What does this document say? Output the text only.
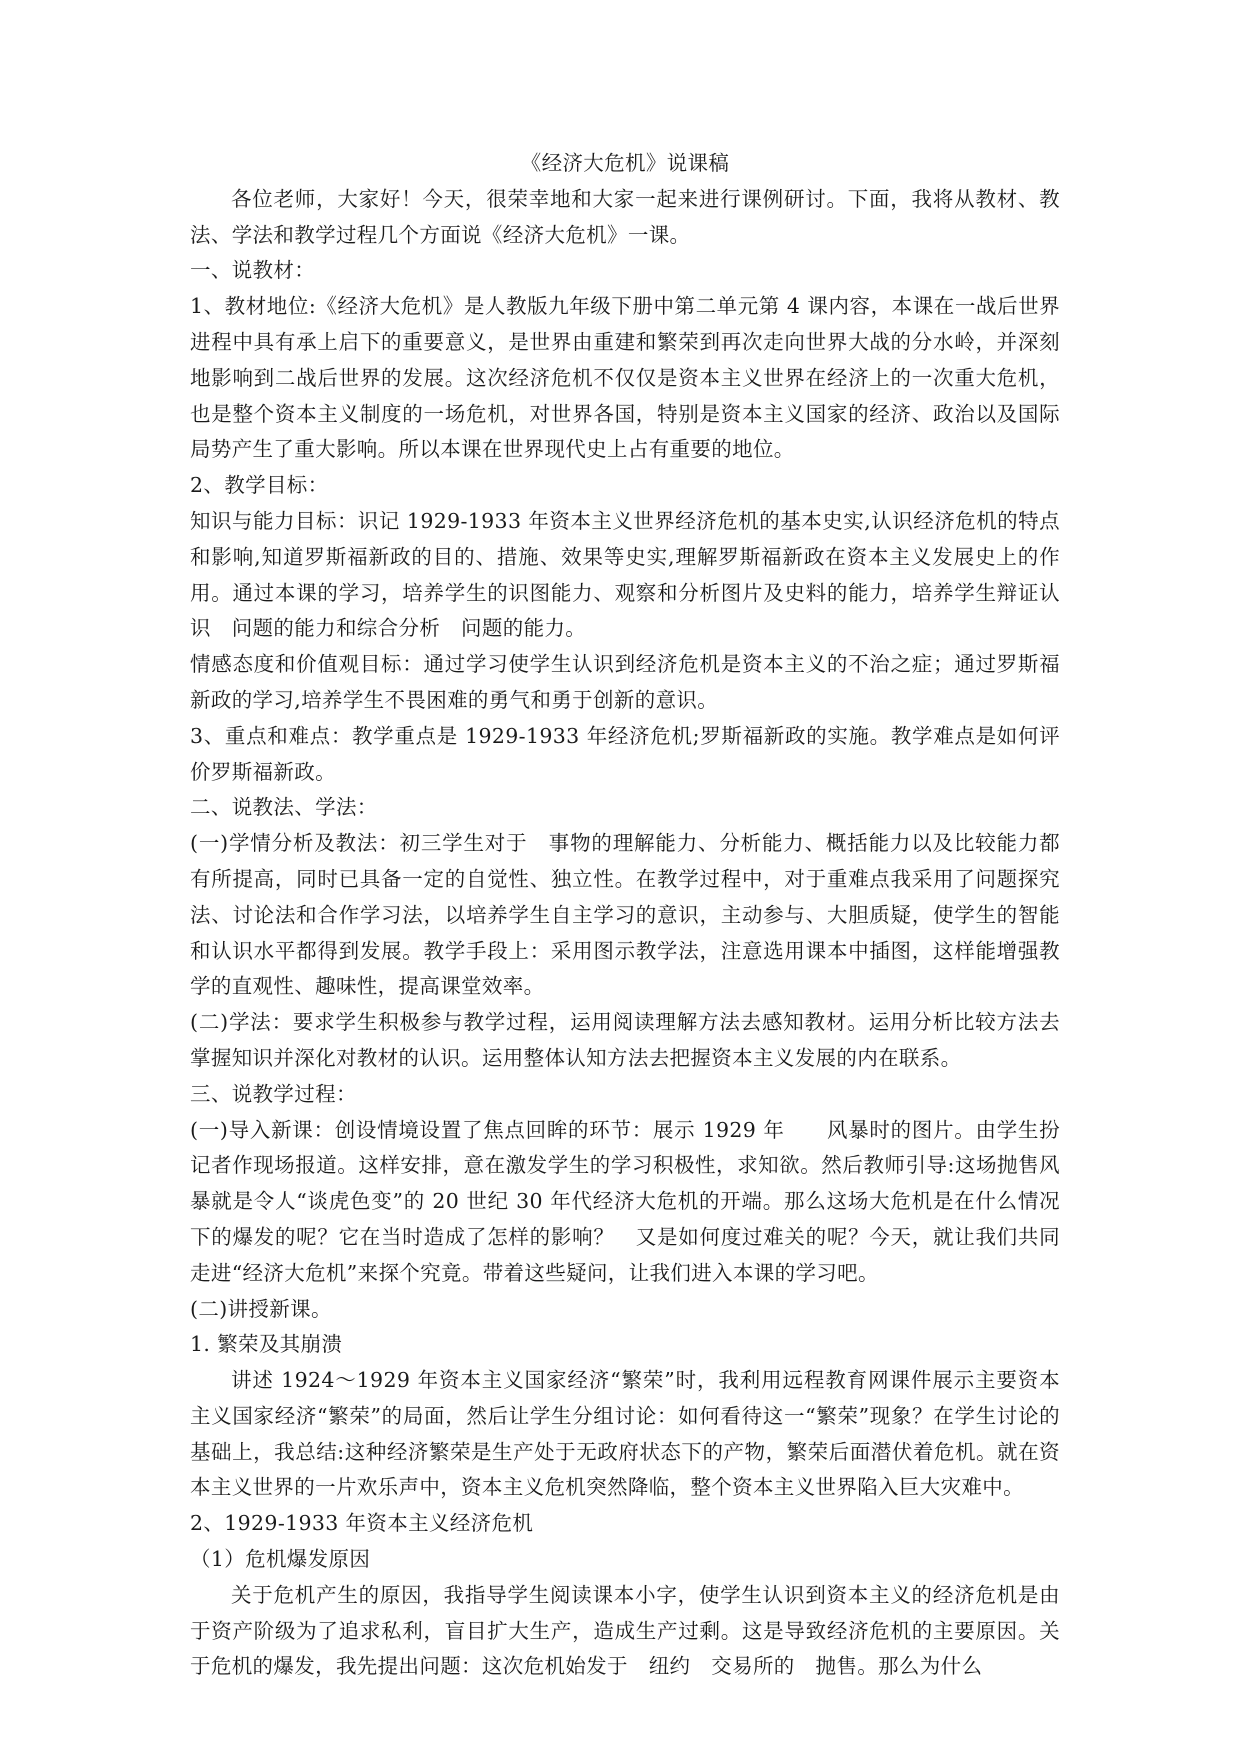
《经济大危机》说课稿

各位老师，大家好！今天，很荣幸地和大家一起来进行课例研讨。下面，我将从教材、教法、学法和教学过程几个方面说《经济大危机》一课。

一、说教材：

1、教材地位:《经济大危机》是人教版九年级下册中第二单元第 4 课内容，本课在一战后世界　进程中具有承上启下的重要意义，是世界由重建和繁荣到再次走向世界大战的分水岭，并深刻地影响到二战后世界的发展。这次经济危机不仅仅是资本主义世界在经济上的一次重大危机，也是整个资本主义制度的一场危机，对世界各国，特别是资本主义国家的经济、政治以及国际局势产生了重大影响。所以本课在世界现代史上占有重要的地位。

2、教学目标：

知识与能力目标：识记 1929-1933 年资本主义世界经济危机的基本史实,认识经济危机的特点和影响,知道罗斯福新政的目的、措施、效果等史实,理解罗斯福新政在资本主义发展史上的作用。通过本课的学习，培养学生的识图能力、观察和分析图片及史料的能力，培养学生辩证认识　问题的能力和综合分析　问题的能力。

情感态度和价值观目标：通过学习使学生认识到经济危机是资本主义的不治之症；通过罗斯福新政的学习,培养学生不畏困难的勇气和勇于创新的意识。

3、重点和难点：教学重点是 1929-1933 年经济危机;罗斯福新政的实施。教学难点是如何评价罗斯福新政。

二、说教法、学法：

(一)学情分析及教法：初三学生对于　事物的理解能力、分析能力、概括能力以及比较能力都有所提高，同时已具备一定的自觉性、独立性。在教学过程中，对于重难点我采用了问题探究法、讨论法和合作学习法，以培养学生自主学习的意识，主动参与、大胆质疑，使学生的智能和认识水平都得到发展。教学手段上：采用图示教学法，注意选用课本中插图，这样能增强教学的直观性、趣味性，提高课堂效率。

(二)学法：要求学生积极参与教学过程，运用阅读理解方法去感知教材。运用分析比较方法去掌握知识并深化对教材的认识。运用整体认知方法去把握资本主义发展的内在联系。

三、说教学过程：

(一)导入新课：创设情境设置了焦点回眸的环节：展示 1929 年　　风暴时的图片。由学生扮记者作现场报道。这样安排，意在激发学生的学习积极性，求知欲。然后教师引导:这场抛售风暴就是令人“谈虎色变”的 20 世纪 30 年代经济大危机的开端。那么这场大危机是在什么情况下的爆发的呢？它在当时造成了怎样的影响？　又是如何度过难关的呢？今天，就让我们共同走进“经济大危机”来探个究竟。带着这些疑问，让我们进入本课的学习吧。

(二)讲授新课。

1. 繁荣及其崩溃

讲述 1924～1929 年资本主义国家经济“繁荣”时，我利用远程教育网课件展示主要资本主义国家经济“繁荣”的局面，然后让学生分组讨论：如何看待这一“繁荣”现象？在学生讨论的基础上，我总结:这种经济繁荣是生产处于无政府状态下的产物，繁荣后面潜伏着危机。就在资本主义世界的一片欢乐声中，资本主义危机突然降临，整个资本主义世界陷入巨大灾难中。

2、1929-1933 年资本主义经济危机

（1）危机爆发原因

关于危机产生的原因，我指导学生阅读课本小字，使学生认识到资本主义的经济危机是由于资产阶级为了追求私利，盲目扩大生产，造成生产过剩。这是导致经济危机的主要原因。关于危机的爆发，我先提出问题：这次危机始发于　纽约　交易所的　抛售。那么为什么
